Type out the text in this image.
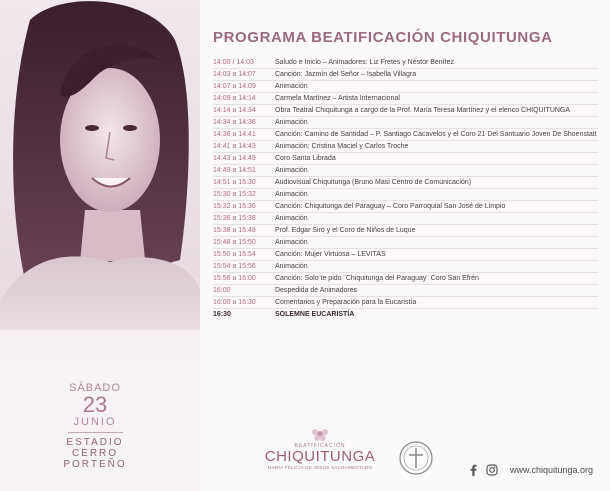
SÁBADO
23
JUNIO
ESTADIO
CERRO
PORTEÑO
PROGRAMA BEATIFICACIÓN CHIQUITUNGA
14:00 / 14:03	Saludo e Inicio – Animadores: Liz Fretes y Néstor Benítez
14:03 a 14:07	Canción: Jazmín del Señor – Isabella Villagra
14:07 a 14:09	Animación
14:09 a 14:14	Carmela Martínez – Artista Internacional
14:14 a 14:34	Obra Teatral Chiquitunga a cargo de la Prof. María Teresa Martínez y el elenco CHIQUITUNGA
14:34 a 14:36	Animación
14:36 a 14:41	Canción: Camino de Santidad – P. Santiago Cacavelos y el Coro 21 Del Santuario Joven De Shoenstatt
14:41 a 14:43	Animación: Cristina Maciel y Carlos Troche
14:43 a 14:49	Coro Santa Librada
14:49 a 14:51	Animación
14:51 a 15:30	Audiovisual Chiquitunga (Bruno Masi Centro de Comunicación)
15:30 a 15:32	Animación
15:32 a 15:36	Canción: Chiquitunga del Paraguay – Coro Parroquial San José de Limpio
15:36 a 15:38	Animación
15:38 a 15:48	Prof. Edgar Siro y el Coro de Niños de Luque
15:48 a 15:50	Animación
15:50 a 15:54	Canción: Mujer Virtuosa – LEVITAS
15:54 a 15:56	Animación
15:56 a 16:00	Canción: Solo te pido ¨Chiquitunga del Paraguay¨ Coro San Efrén
16:00	Despedida de Animadores
16:00 a 16:30	Comentarios y Preparación para la Eucaristía
16:30	SOLEMNE EUCARISTÍA
BEATIFICACIÓN
CHIQUITUNGA
MARÍA FELICIA DE JESÚS SACRAMENTADO	www.chiquitunga.org
